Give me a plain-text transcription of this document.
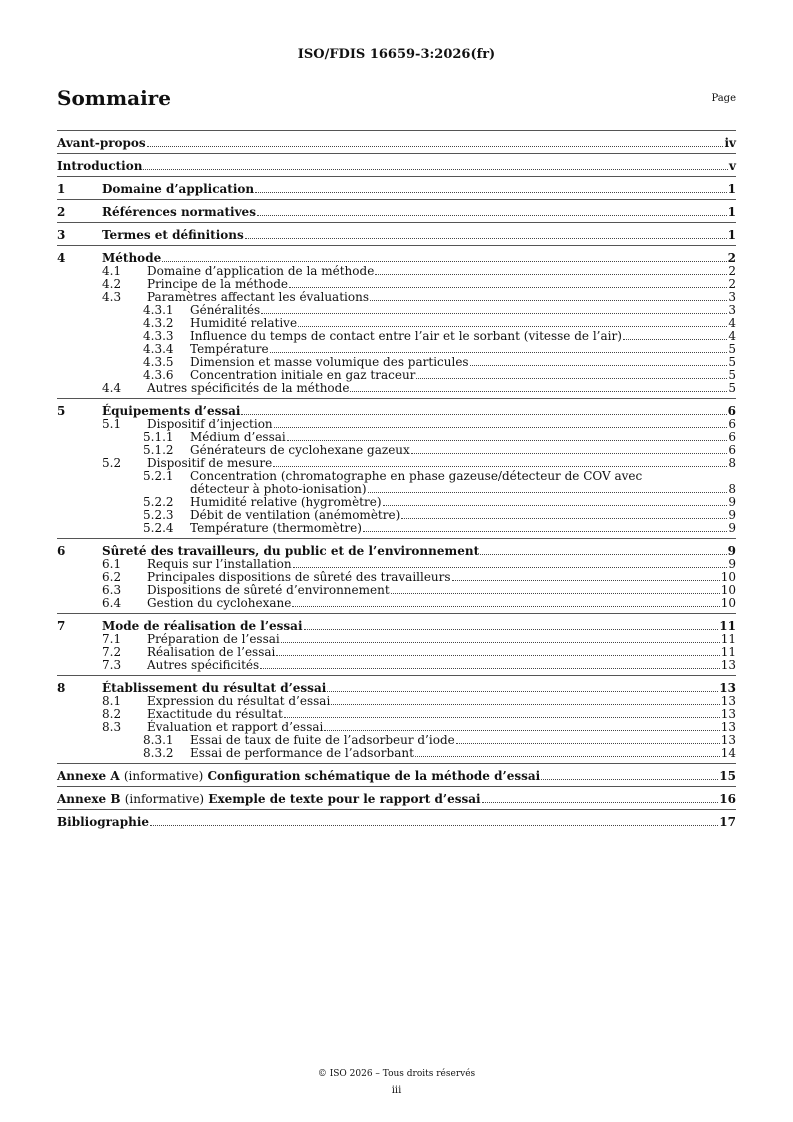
ISO/FDIS 16659-3:2026(fr)
Sommaire	Page
Avant-propos	iv
Introduction	v
1	Domaine d’application	1
2	Références normatives	1
3	Termes et définitions	1
4	Méthode	2
4.1	Domaine d’application de la méthode	2
4.2	Principe de la méthode	2
4.3	Paramètres affectant les évaluations	3
4.3.1	Généralités	3
4.3.2	Humidité relative	4
4.3.3	Influence du temps de contact entre l’air et le sorbant (vitesse de l’air)	4
4.3.4	Température	5
4.3.5	Dimension et masse volumique des particules	5
4.3.6	Concentration initiale en gaz traceur	5
4.4	Autres spécificités de la méthode	5
5	Équipements d’essai	6
5.1	Dispositif d’injection	6
5.1.1	Médium d’essai	6
5.1.2	Générateurs de cyclohexane gazeux	6
5.2	Dispositif de mesure	8
5.2.1	Concentration (chromatographe en phase gazeuse/détecteur de COV avec
détecteur à photo-ionisation)	8
5.2.2	Humidité relative (hygromètre)	9
5.2.3	Débit de ventilation (anémomètre)	9
5.2.4	Température (thermomètre)	9
6	Sûreté des travailleurs, du public et de l’environnement	9
6.1	Requis sur l’installation	9
6.2	Principales dispositions de sûreté des travailleurs	10
6.3	Dispositions de sûreté d’environnement	10
6.4	Gestion du cyclohexane	10
7	Mode de réalisation de l’essai	11
7.1	Préparation de l’essai	11
7.2	Réalisation de l’essai	11
7.3	Autres spécificités	13
8	Établissement du résultat d’essai	13
8.1	Expression du résultat d’essai	13
8.2	Exactitude du résultat	13
8.3	Évaluation et rapport d’essai	13
8.3.1	Essai de taux de fuite de l’adsorbeur d’iode	13
8.3.2	Essai de performance de l’adsorbant	14
Annexe A (informative) Configuration schématique de la méthode d’essai	15
Annexe B (informative) Exemple de texte pour le rapport d’essai	16
Bibliographie	17
© ISO 2026 – Tous droits réservés
iii
